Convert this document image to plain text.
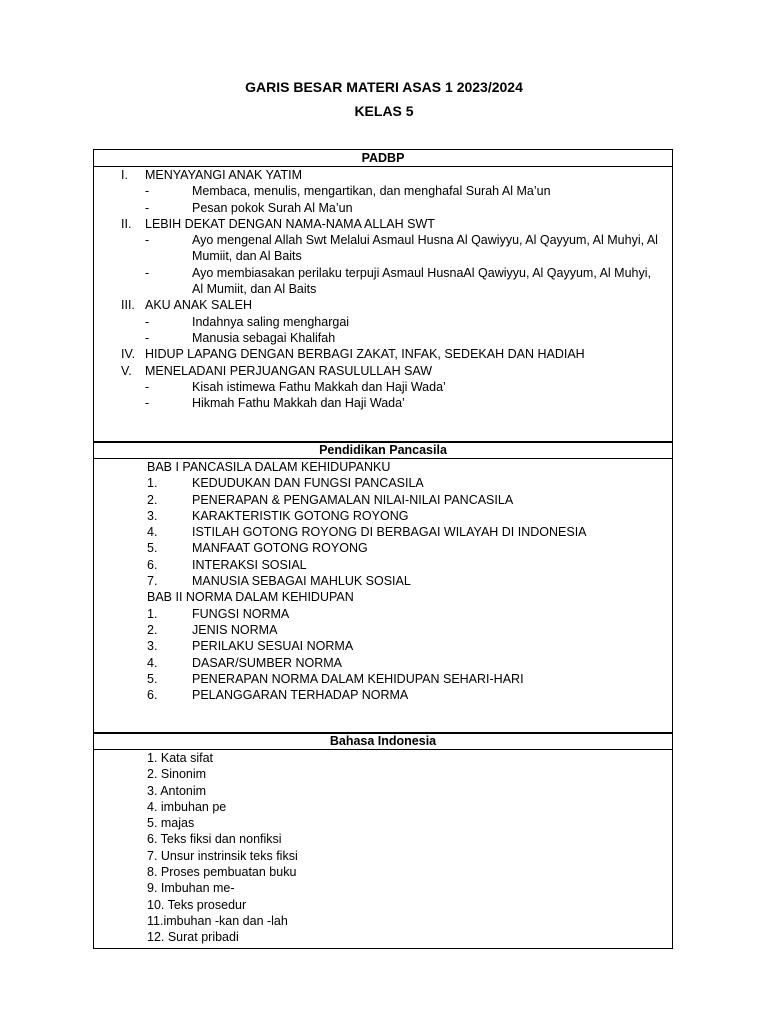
GARIS BESAR MATERI ASAS 1 2023/2024
KELAS 5
PADBP
I. MENYAYANGI ANAK YATIM
-	Membaca, menulis, mengartikan, dan menghafal Surah Al Ma’un
-	Pesan pokok Surah Al Ma’un
II. LEBIH DEKAT DENGAN NAMA-NAMA ALLAH SWT
-	Ayo mengenal Allah Swt Melalui Asmaul Husna Al Qawiyyu, Al Qayyum, Al Muhyi, Al Mumiit, dan Al Baits
-	Ayo membiasakan perilaku terpuji Asmaul HusnaAl Qawiyyu, Al Qayyum, Al Muhyi, Al Mumiit, dan Al Baits
III. AKU ANAK SALEH
-	Indahnya saling menghargai
-	Manusia sebagai Khalifah
IV. HIDUP LAPANG DENGAN BERBAGI ZAKAT, INFAK, SEDEKAH DAN HADIAH
V. MENELADANI PERJUANGAN RASULULLAH SAW
-	Kisah istimewa Fathu Makkah dan Haji Wada’
-	Hikmah Fathu Makkah dan Haji Wada’
Pendidikan Pancasila
BAB I PANCASILA DALAM KEHIDUPANKU
1.	KEDUDUKAN DAN FUNGSI PANCASILA
2.	PENERAPAN & PENGAMALAN NILAI-NILAI PANCASILA
3.	KARAKTERISTIK GOTONG ROYONG
4.	ISTILAH GOTONG ROYONG DI BERBAGAI WILAYAH DI INDONESIA
5.	MANFAAT GOTONG ROYONG
6.	INTERAKSI SOSIAL
7.	MANUSIA SEBAGAI MAHLUK SOSIAL
BAB II NORMA DALAM KEHIDUPAN
1.	FUNGSI NORMA
2.	JENIS NORMA
3.	PERILAKU SESUAI NORMA
4.	DASAR/SUMBER NORMA
5.	PENERAPAN NORMA DALAM KEHIDUPAN SEHARI-HARI
6.	PELANGGARAN TERHADAP NORMA
Bahasa Indonesia
1. Kata sifat
2. Sinonim
3. Antonim
4. imbuhan pe
5. majas
6. Teks fiksi dan nonfiksi
7. Unsur instrinsik teks fiksi
8. Proses pembuatan buku
9. Imbuhan me-
10. Teks prosedur
11.imbuhan -kan dan -lah
12. Surat pribadi
